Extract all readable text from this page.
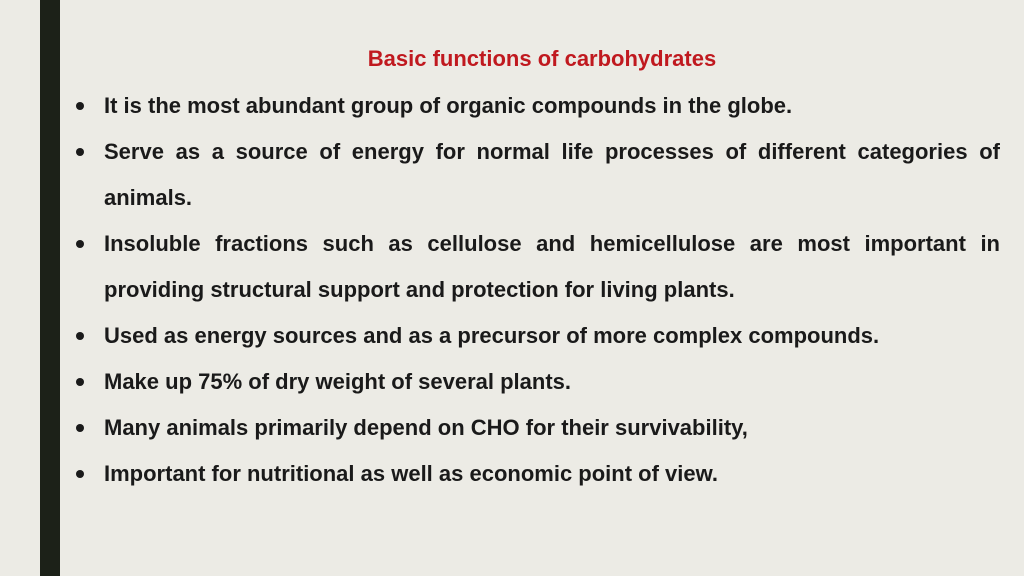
Basic functions of carbohydrates
It is the most abundant group of organic compounds in the globe.
Serve as a source of energy for normal life processes of different categories of animals.
Insoluble fractions such as cellulose and hemicellulose are most important in providing structural support and protection for living plants.
Used as energy sources and as a precursor of more complex compounds.
Make up 75% of dry weight of several plants.
Many animals primarily depend on CHO for their survivability,
Important for nutritional as well as economic point of view.
